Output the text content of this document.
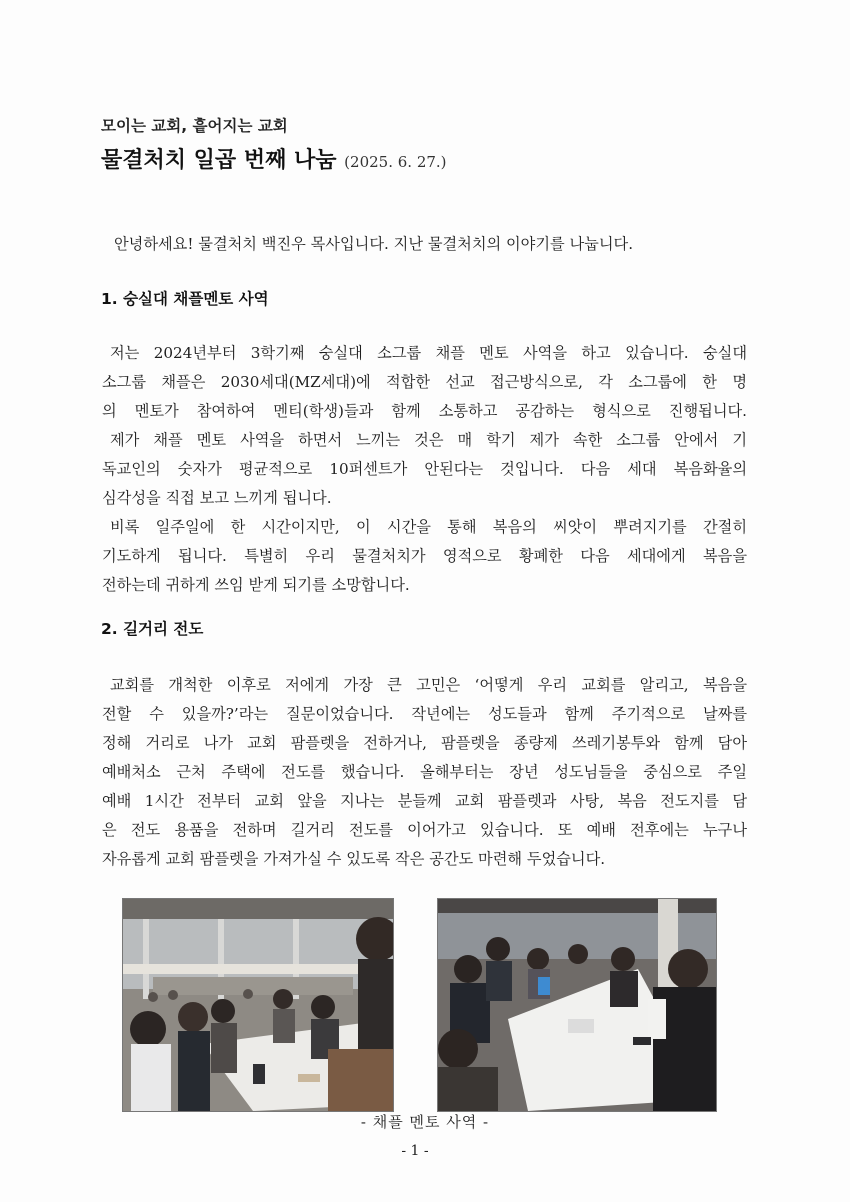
모이는 교회, 흩어지는 교회
물결처치 일곱 번째 나눔 (2025. 6. 27.)
안녕하세요! 물결처치 백진우 목사입니다. 지난 물결처치의 이야기를 나눕니다.
1. 숭실대 채플멘토 사역
저는 2024년부터 3학기째 숭실대 소그룹 채플 멘토 사역을 하고 있습니다. 숭실대
소그룹 채플은 2030세대(MZ세대)에 적합한 선교 접근방식으로, 각 소그룹에 한 명
의 멘토가 참여하여 멘티(학생)들과 함께 소통하고 공감하는 형식으로 진행됩니다.
제가 채플 멘토 사역을 하면서 느끼는 것은 매 학기 제가 속한 소그룹 안에서 기
독교인의 숫자가 평균적으로 10퍼센트가 안된다는 것입니다. 다음 세대 복음화율의
심각성을 직접 보고 느끼게 됩니다.
비록 일주일에 한 시간이지만, 이 시간을 통해 복음의 씨앗이 뿌려지기를 간절히
기도하게 됩니다. 특별히 우리 물결처치가 영적으로 황폐한 다음 세대에게 복음을
전하는데 귀하게 쓰임 받게 되기를 소망합니다.
2. 길거리 전도
교회를 개척한 이후로 저에게 가장 큰 고민은 ‘어떻게 우리 교회를 알리고, 복음을
전할 수 있을까?’라는 질문이었습니다. 작년에는 성도들과 함께 주기적으로 날짜를
정해 거리로 나가 교회 팜플렛을 전하거나, 팜플렛을 종량제 쓰레기봉투와 함께 담아
예배처소 근처 주택에 전도를 했습니다. 올해부터는 장년 성도님들을 중심으로 주일
예배 1시간 전부터 교회 앞을 지나는 분들께 교회 팜플렛과 사탕, 복음 전도지를 담
은 전도 용품을 전하며 길거리 전도를 이어가고 있습니다. 또 예배 전후에는 누구나
자유롭게 교회 팜플렛을 가져가실 수 있도록 작은 공간도 마련해 두었습니다.
- 채플 멘토 사역 -
- 1 -
